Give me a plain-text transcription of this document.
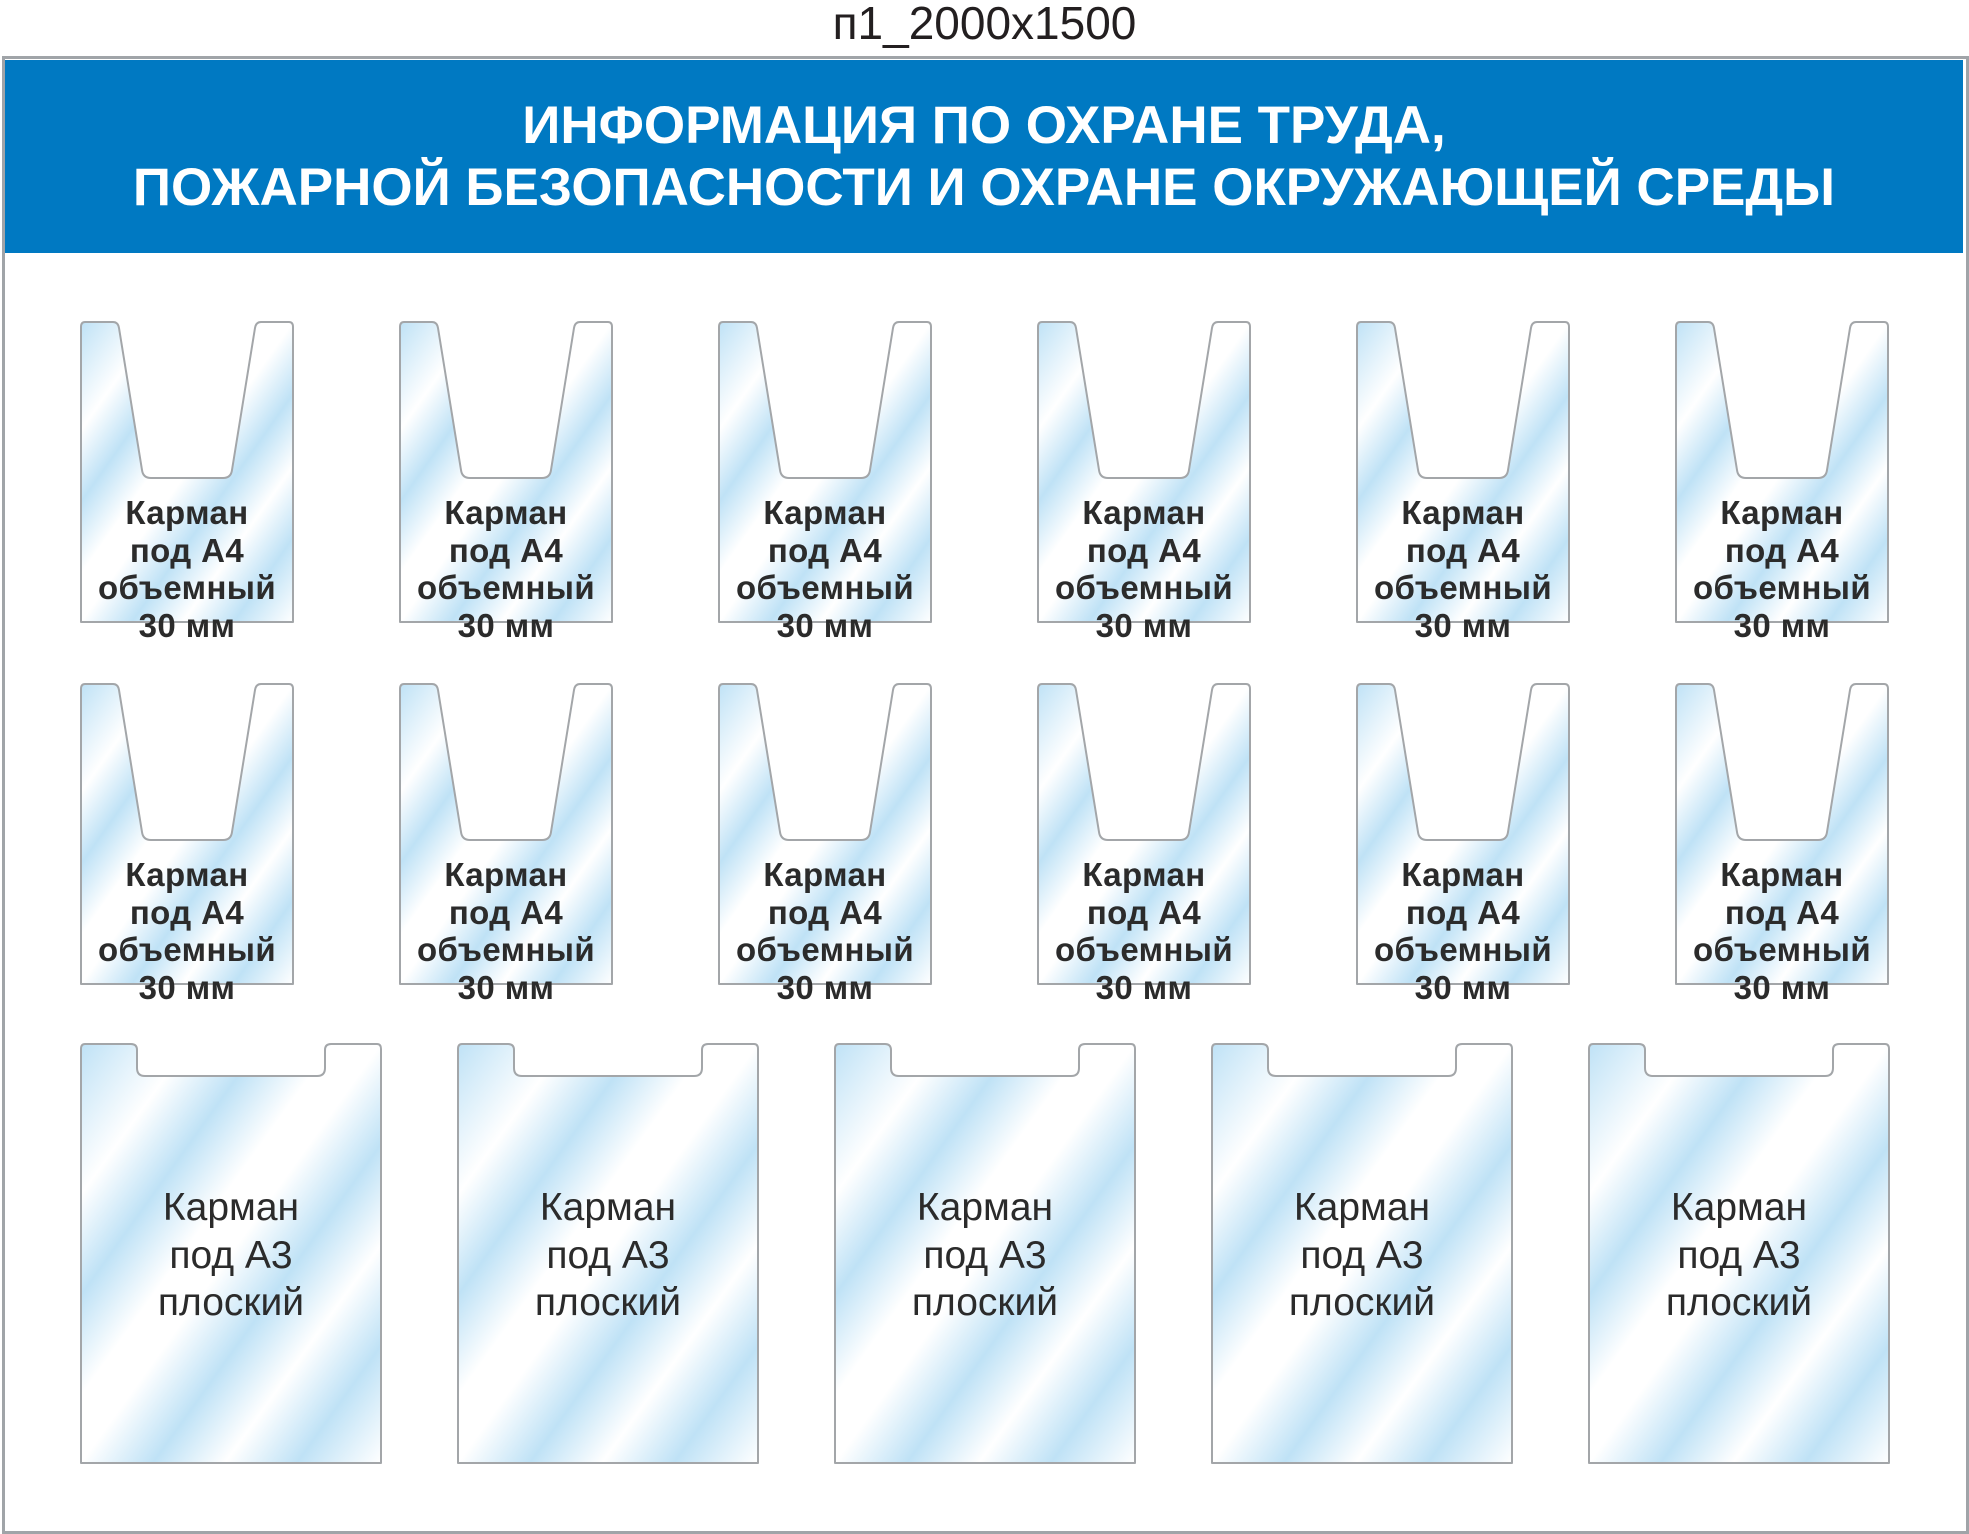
п1_2000х1500
ИНФОРМАЦИЯ ПО ОХРАНЕ ТРУДА,
ПОЖАРНОЙ БЕЗОПАСНОСТИ И ОХРАНЕ ОКРУЖАЮЩЕЙ СРЕДЫ
Карман
под А4
объемный
30 мм
Карман
под А4
объемный
30 мм
Карман
под А4
объемный
30 мм
Карман
под А4
объемный
30 мм
Карман
под А4
объемный
30 мм
Карман
под А4
объемный
30 мм
Карман
под А4
объемный
30 мм
Карман
под А4
объемный
30 мм
Карман
под А4
объемный
30 мм
Карман
под А4
объемный
30 мм
Карман
под А4
объемный
30 мм
Карман
под А4
объемный
30 мм
Карман
под А3
плоский
Карман
под А3
плоский
Карман
под А3
плоский
Карман
под А3
плоский
Карман
под А3
плоский
